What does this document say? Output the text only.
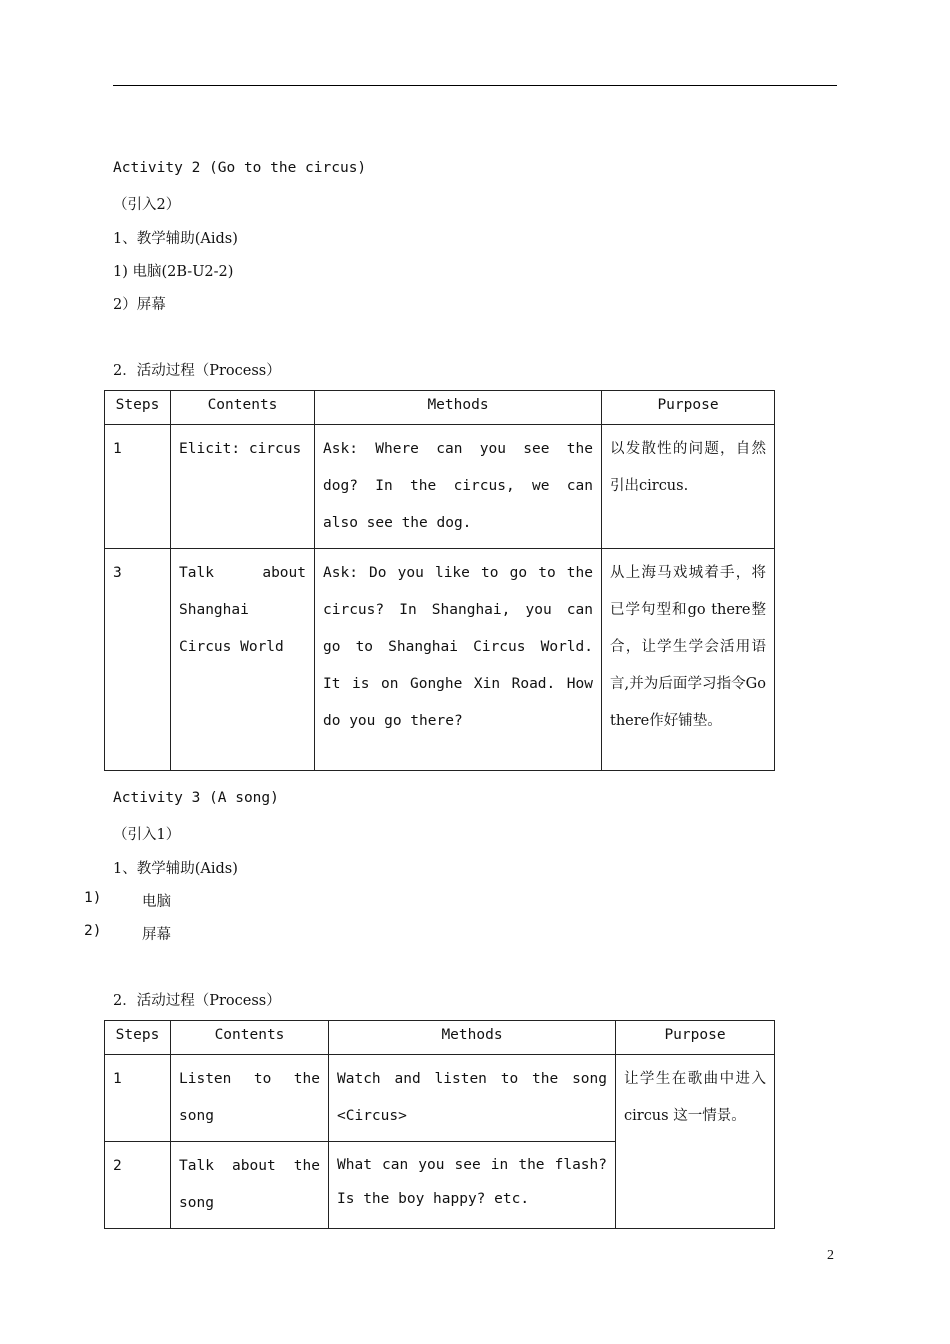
Activity 2 (Go to the circus)
（引入2）
1、教学辅助(Aids)
1) 电脑(2B-U2-2)
2）屏幕
2．活动过程（Process）
Steps	Contents	Methods	Purpose
1	Elicit: circus	Ask: Where can you see the dog? In the circus, we can also see the dog.	以发散性的问题，自然引出circus.
3	Talk about Shanghai Circus World	Ask: Do you like to go to the circus? In Shanghai, you can go to Shanghai Circus World. It is on Gonghe Xin Road. How do you go there?	从上海马戏城着手，将已学句型和go there整合，让学生学会活用语言,并为后面学习指令Go there作好铺垫。
Activity 3 (A song)
（引入1）
1、教学辅助(Aids)
1)	电脑
2)	屏幕
2．活动过程（Process）
Steps	Contents	Methods	Purpose
1	Listen to the song	Watch and listen to the song <Circus>	让学生在歌曲中进入 circus 这一情景。
2	Talk about the song	What can you see in the flash? Is the boy happy? etc.	
2
